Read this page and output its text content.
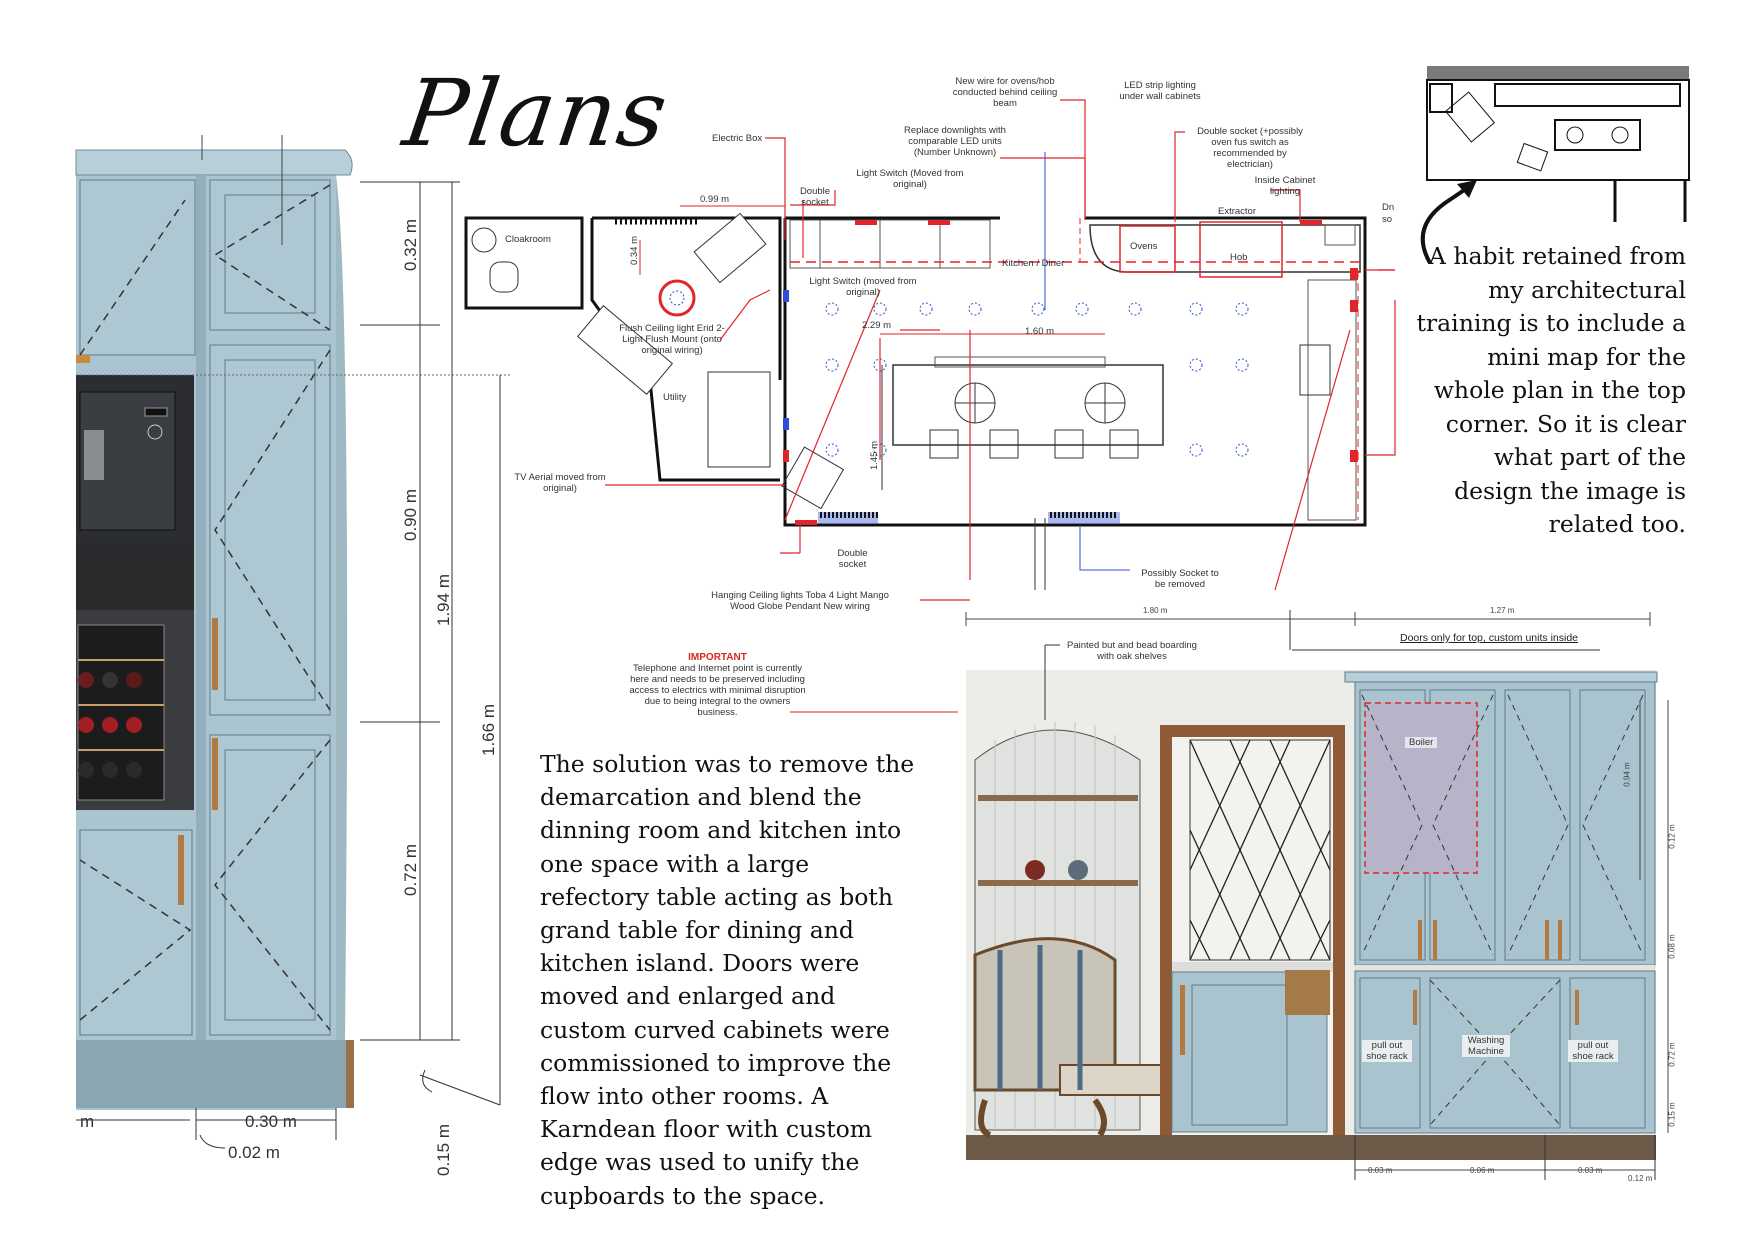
Plans
0.32 m
0.90 m
1.94 m
1.66 m
0.72 m
0.15 m
0.30 m
0.02 m
m
Cloakroom
Utility
Kitchen / Diner
Ovens
Hob
Electric Box
Double socket
New wire for ovens/hob conducted behind ceiling beam
LED strip lighting under wall cabinets
Replace downlights with comparable LED units (Number Unknown)
Light Switch (Moved from original)
Double socket (+possibly oven fus switch as recommended by electrician)
Inside Cabinet lighting
Extractor
Light Switch (moved from original)
Flush Ceiling light Erid 2-Light Flush Mount (onto original wiring)
TV Aerial moved from original)
Double socket
Possibly Socket to be removed
Hanging Ceiling lights Toba 4 Light Mango Wood Globe Pendant New wiring
0.99 m
0.34 m
2.29 m
1.60 m
1.45 m
Dn
so
IMPORTANT
Telephone and Internet point is currently here and needs to be preserved including access to electrics with minimal disruption due to being integral to the owners business.
A habit retained from my architectural training is to include a mini map for the whole plan in the top corner. So it is clear what part of the design the image is related too.
The solution was to remove the demarcation and blend the dinning room and kitchen into one space with a large refectory table acting as both grand table for dining and kitchen island. Doors were moved and enlarged and custom curved cabinets were commissioned to improve the flow into other rooms. A Karndean floor with custom edge was used to unify the cupboards to the space.
Painted but and bead boarding with oak shelves
Doors only for top, custom units inside
Boiler
pull out shoe rack
Washing Machine
pull out shoe rack
1.80 m	1.27 m
0.03 m	0.06 m	0.03 m
0.12 m
0.94 m
0.12 m
0.08 m
0.72 m
0.15 m
